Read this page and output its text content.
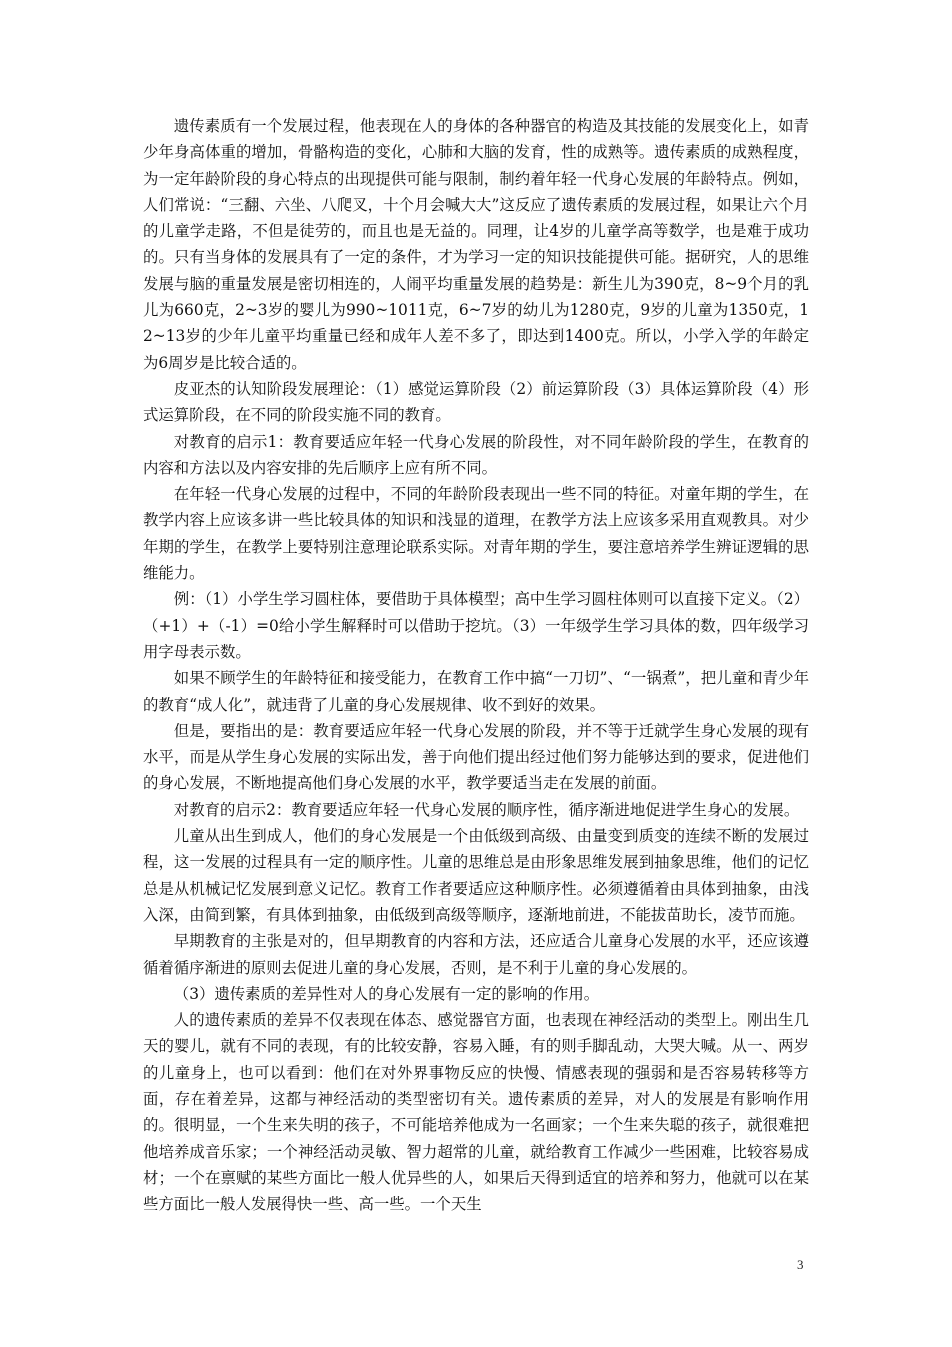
遗传素质有一个发展过程，他表现在人的身体的各种器官的构造及其技能的发展变化上，如青少年身高体重的增加，骨骼构造的变化，心肺和大脑的发育，性的成熟等。遗传素质的成熟程度，为一定年龄阶段的身心特点的出现提供可能与限制，制约着年轻一代身心发展的年龄特点。例如，人们常说：“三翻、六坐、八爬叉，十个月会喊大大”这反应了遗传素质的发展过程，如果让六个月的儿童学走路，不但是徒劳的，而且也是无益的。同理，让4岁的儿童学高等数学，也是难于成功的。只有当身体的发展具有了一定的条件，才为学习一定的知识技能提供可能。据研究，人的思维发展与脑的重量发展是密切相连的，人闹平均重量发展的趋势是：新生儿为390克，8~9个月的乳儿为660克，2~3岁的婴儿为990~1011克，6~7岁的幼儿为1280克，9岁的儿童为1350克，12~13岁的少年儿童平均重量已经和成年人差不多了，即达到1400克。所以，小学入学的年龄定为6周岁是比较合适的。

皮亚杰的认知阶段发展理论：（1）感觉运算阶段（2）前运算阶段（3）具体运算阶段（4）形式运算阶段，在不同的阶段实施不同的教育。

对教育的启示1：教育要适应年轻一代身心发展的阶段性，对不同年龄阶段的学生，在教育的内容和方法以及内容安排的先后顺序上应有所不同。

在年轻一代身心发展的过程中，不同的年龄阶段表现出一些不同的特征。对童年期的学生，在教学内容上应该多讲一些比较具体的知识和浅显的道理，在教学方法上应该多采用直观教具。对少年期的学生，在教学上要特别注意理论联系实际。对青年期的学生，要注意培养学生辨证逻辑的思维能力。

例：（1）小学生学习圆柱体，要借助于具体模型；高中生学习圆柱体则可以直接下定义。（2）（+1）+（-1）=0给小学生解释时可以借助于挖坑。（3）一年级学生学习具体的数，四年级学习用字母表示数。

如果不顾学生的年龄特征和接受能力，在教育工作中搞“一刀切”、“一锅煮”，把儿童和青少年的教育“成人化”，就违背了儿童的身心发展规律、收不到好的效果。

但是，要指出的是：教育要适应年轻一代身心发展的阶段，并不等于迁就学生身心发展的现有水平，而是从学生身心发展的实际出发，善于向他们提出经过他们努力能够达到的要求，促进他们的身心发展，不断地提高他们身心发展的水平，教学要适当走在发展的前面。

对教育的启示2：教育要适应年轻一代身心发展的顺序性，循序渐进地促进学生身心的发展。

儿童从出生到成人，他们的身心发展是一个由低级到高级、由量变到质变的连续不断的发展过程，这一发展的过程具有一定的顺序性。儿童的思维总是由形象思维发展到抽象思维，他们的记忆总是从机械记忆发展到意义记忆。教育工作者要适应这种顺序性。必须遵循着由具体到抽象，由浅入深，由简到繁，有具体到抽象，由低级到高级等顺序，逐渐地前进，不能拔苗助长，凌节而施。

早期教育的主张是对的，但早期教育的内容和方法，还应适合儿童身心发展的水平，还应该遵循着循序渐进的原则去促进儿童的身心发展，否则，是不利于儿童的身心发展的。

（3）遗传素质的差异性对人的身心发展有一定的影响的作用。

人的遗传素质的差异不仅表现在体态、感觉器官方面，也表现在神经活动的类型上。刚出生几天的婴儿，就有不同的表现，有的比较安静，容易入睡，有的则手脚乱动，大哭大喊。从一、两岁的儿童身上，也可以看到：他们在对外界事物反应的快慢、情感表现的强弱和是否容易转移等方面，存在着差异，这都与神经活动的类型密切有关。遗传素质的差异，对人的发展是有影响作用的。很明显，一个生来失明的孩子，不可能培养他成为一名画家；一个生来失聪的孩子，就很难把他培养成音乐家；一个神经活动灵敏、智力超常的儿童，就给教育工作减少一些困难，比较容易成材；一个在禀赋的某些方面比一般人优异些的人，如果后天得到适宜的培养和努力，他就可以在某些方面比一般人发展得快一些、高一些。一个天生

3
